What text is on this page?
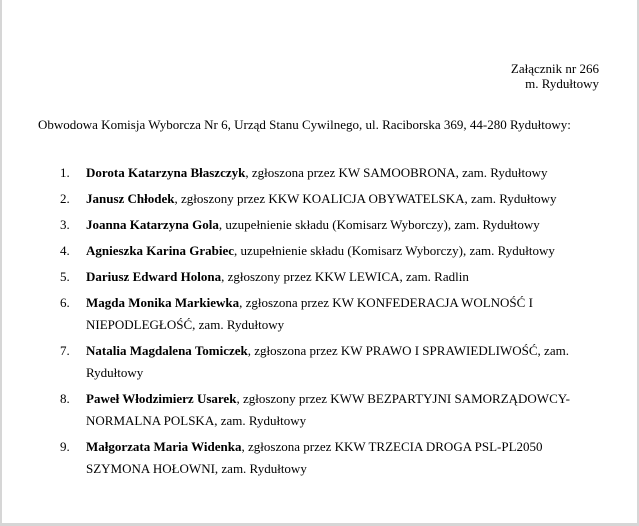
Załącznik nr 266
m. Rydułtowy
Obwodowa Komisja Wyborcza Nr 6, Urząd Stanu Cywilnego, ul. Raciborska 369, 44-280 Rydułtowy:
1.	Dorota Katarzyna Błaszczyk, zgłoszona przez KW SAMOOBRONA, zam. Rydułtowy
2.	Janusz Chłodek, zgłoszony przez KKW KOALICJA OBYWATELSKA, zam. Rydułtowy
3.	Joanna Katarzyna Gola, uzupełnienie składu (Komisarz Wyborczy), zam. Rydułtowy
4.	Agnieszka Karina Grabiec, uzupełnienie składu (Komisarz Wyborczy), zam. Rydułtowy
5.	Dariusz Edward Holona, zgłoszony przez KKW LEWICA, zam. Radlin
6.	Magda Monika Markiewka, zgłoszona przez KW KONFEDERACJA WOLNOŚĆ I NIEPODLEGŁOŚĆ, zam. Rydułtowy
7.	Natalia Magdalena Tomiczek, zgłoszona przez KW PRAWO I SPRAWIEDLIWOŚĆ, zam. Rydułtowy
8.	Paweł Włodzimierz Usarek, zgłoszony przez KWW BEZPARTYJNI SAMORZĄDOWCY-NORMALNA POLSKA, zam. Rydułtowy
9.	Małgorzata Maria Widenka, zgłoszona przez KKW TRZECIA DROGA PSL-PL2050 SZYMONA HOŁOWNI, zam. Rydułtowy
